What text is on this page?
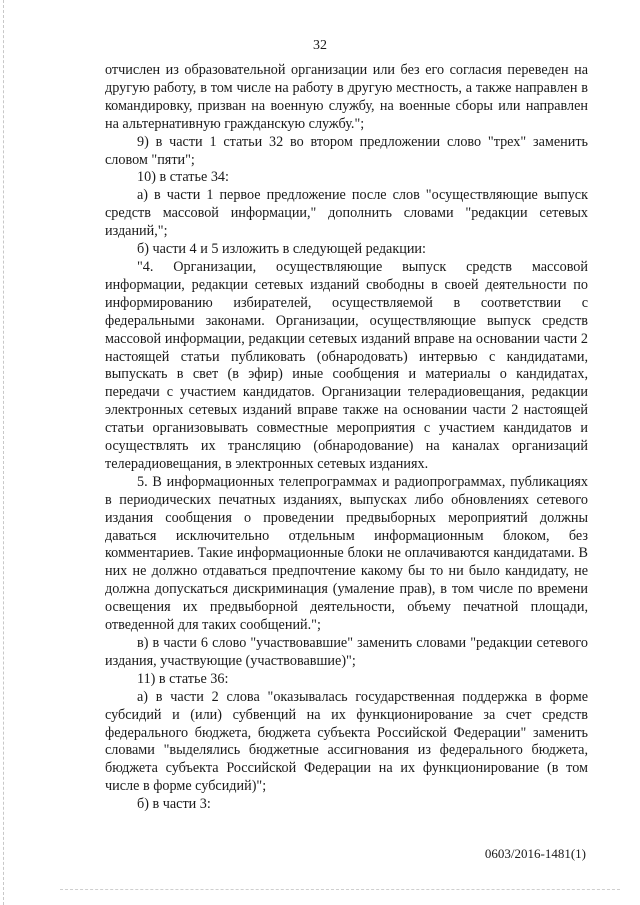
32

отчислен из образовательной организации или без его согласия переведен на другую работу, в том числе на работу в другую местность, а также направлен в командировку, призван на военную службу, на военные сборы или направлен на альтернативную гражданскую службу.";

9) в части 1 статьи 32 во втором предложении слово "трех" заменить словом "пяти";

10) в статье 34:

а) в части 1 первое предложение после слов "осуществляющие выпуск средств массовой информации," дополнить словами "редакции сетевых изданий,";

б) части 4 и 5 изложить в следующей редакции:

"4. Организации, осуществляющие выпуск средств массовой информации, редакции сетевых изданий свободны в своей деятельности по информированию избирателей, осуществляемой в соответствии с федеральными законами. Организации, осуществляющие выпуск средств массовой информации, редакции сетевых изданий вправе на основании части 2 настоящей статьи публиковать (обнародовать) интервью с кандидатами, выпускать в свет (в эфир) иные сообщения и материалы о кандидатах, передачи с участием кандидатов. Организации телерадиовещания, редакции электронных сетевых изданий вправе также на основании части 2 настоящей статьи организовывать совместные мероприятия с участием кандидатов и осуществлять их трансляцию (обнародование) на каналах организаций телерадиовещания, в электронных сетевых изданиях.

5. В информационных телепрограммах и радиопрограммах, публикациях в периодических печатных изданиях, выпусках либо обновлениях сетевого издания сообщения о проведении предвыборных мероприятий должны даваться исключительно отдельным информационным блоком, без комментариев. Такие информационные блоки не оплачиваются кандидатами. В них не должно отдаваться предпочтение какому бы то ни было кандидату, не должна допускаться дискриминация (умаление прав), в том числе по времени освещения их предвыборной деятельности, объему печатной площади, отведенной для таких сообщений.";

в) в части 6 слово "участвовавшие" заменить словами "редакции сетевого издания, участвующие (участвовавшие)";

11) в статье 36:

а) в части 2 слова "оказывалась государственная поддержка в форме субсидий и (или) субвенций на их функционирование за счет средств федерального бюджета, бюджета субъекта Российской Федерации" заменить словами "выделялись бюджетные ассигнования из федерального бюджета, бюджета субъекта Российской Федерации на их функционирование (в том числе в форме субсидий)";

б) в части 3:

0603/2016-1481(1)
